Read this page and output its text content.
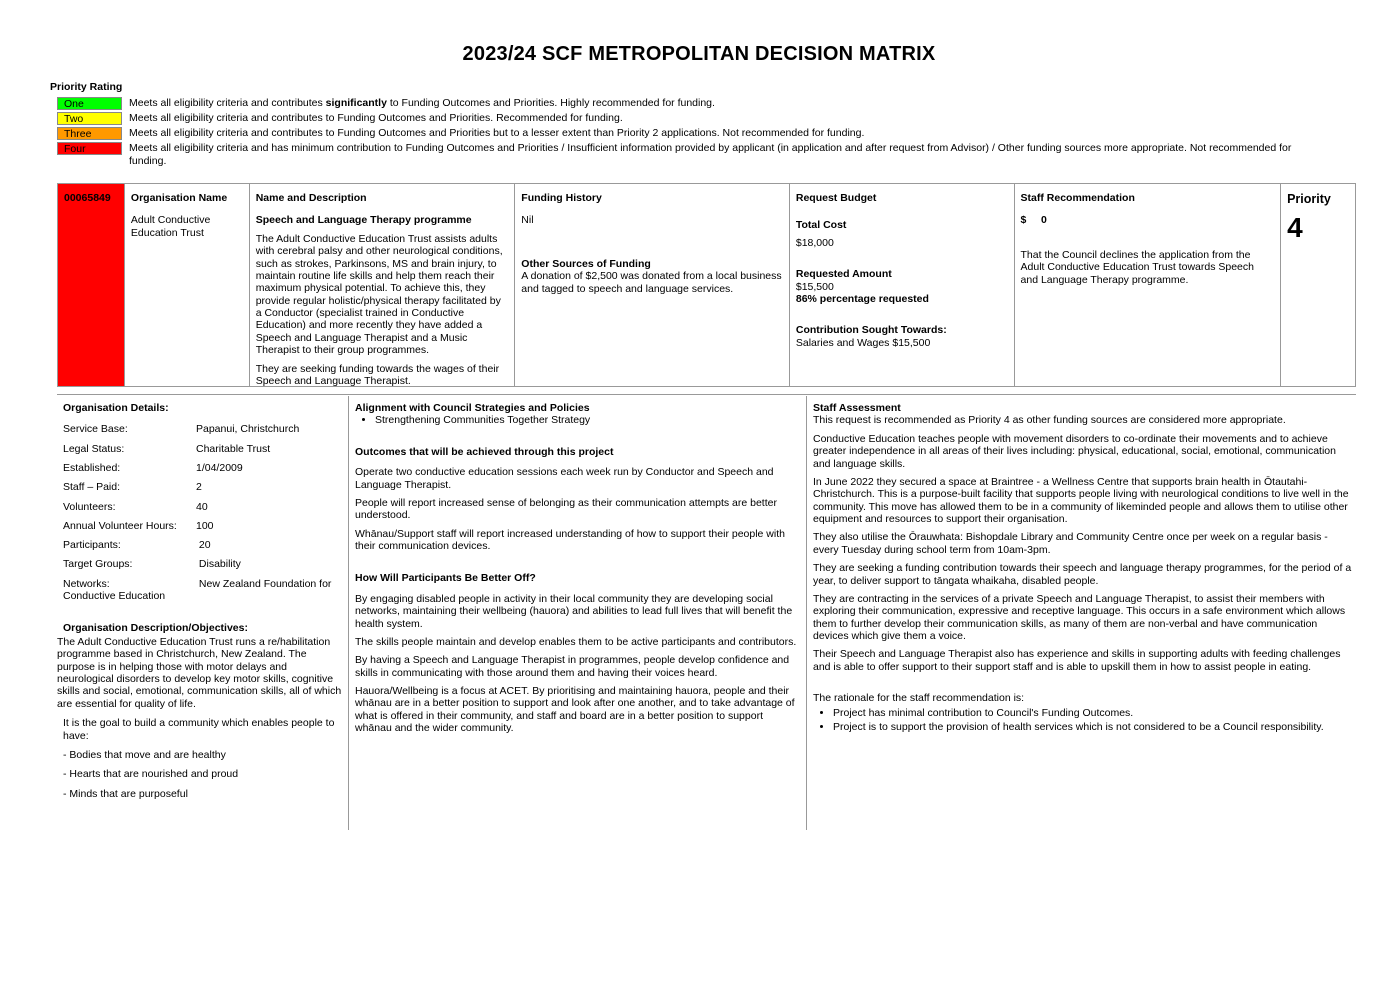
2023/24 SCF METROPOLITAN DECISION MATRIX
Priority Rating
One	Meets all eligibility criteria and contributes significantly to Funding Outcomes and Priorities. Highly recommended for funding.
Two	Meets all eligibility criteria and contributes to Funding Outcomes and Priorities. Recommended for funding.
Three	Meets all eligibility criteria and contributes to Funding Outcomes and Priorities but to a lesser extent than Priority 2 applications. Not recommended for funding.
Four	Meets all eligibility criteria and has minimum contribution to Funding Outcomes and Priorities / Insufficient information provided by applicant (in application and after request from Advisor) / Other funding sources more appropriate. Not recommended for funding.
00065849	Organisation Name
Adult Conductive Education Trust
Name and Description
Speech and Language Therapy programme
The Adult Conductive Education Trust assists adults with cerebral palsy and other neurological conditions, such as strokes, Parkinsons, MS and brain injury, to maintain routine life skills and help them reach their maximum physical potential. To achieve this, they provide regular holistic/physical therapy facilitated by a Conductor (specialist trained in Conductive Education) and more recently they have added a Speech and Language Therapist and a Music Therapist to their group programmes.
They are seeking funding towards the wages of their Speech and Language Therapist.
Funding History
Nil
Other Sources of Funding
A donation of $2,500 was donated from a local business and tagged to speech and language services.
Request Budget
Total Cost
$18,000
Requested Amount
$15,500
86% percentage requested
Contribution Sought Towards:
Salaries and Wages $15,500
Staff Recommendation
$     0
That the Council declines the application from the Adult Conductive Education Trust towards Speech and Language Therapy programme.
Priority
4
Organisation Details:
Service Base:	Papanui, Christchurch
Legal Status:	Charitable Trust
Established:	1/04/2009
Staff – Paid:	2
Volunteers:	40
Annual Volunteer Hours:	100
Participants:	20
Target Groups:	Disability
Networks:	New Zealand Foundation for
Conductive Education
Organisation Description/Objectives:
The Adult Conductive Education Trust runs a re/habilitation programme based in Christchurch, New Zealand. The purpose is in helping those with motor delays and neurological disorders to develop key motor skills, cognitive skills and social, emotional, communication skills, all of which are essential for quality of life.
It is the goal to build a community which enables people to have:
- Bodies that move and are healthy
- Hearts that are nourished and proud
- Minds that are purposeful
Alignment with Council Strategies and Policies
• Strengthening Communities Together Strategy
Outcomes that will be achieved through this project
Operate two conductive education sessions each week run by Conductor and Speech and Language Therapist.
People will report increased sense of belonging as their communication attempts are better understood.
Whānau/Support staff will report increased understanding of how to support their people with their communication devices.
How Will Participants Be Better Off?
By engaging disabled people in activity in their local community they are developing social networks, maintaining their wellbeing (hauora) and abilities to lead full lives that will benefit the health system.
The skills people maintain and develop enables them to be active participants and contributors.
By having a Speech and Language Therapist in programmes, people develop confidence and skills in communicating with those around them and having their voices heard.
Hauora/Wellbeing is a focus at ACET. By prioritising and maintaining hauora, people and their whānau are in a better position to support and look after one another, and to take advantage of what is offered in their community, and staff and board are in a better position to support whānau and the wider community.
Staff Assessment
This request is recommended as Priority 4 as other funding sources are considered more appropriate.
Conductive Education teaches people with movement disorders to co-ordinate their movements and to achieve greater independence in all areas of their lives including: physical, educational, social, emotional, communication and language skills.
In June 2022 they secured a space at Braintree - a Wellness Centre that supports brain health in Ōtautahi-Christchurch. This is a purpose-built facility that supports people living with neurological conditions to live well in the community. This move has allowed them to be in a community of likeminded people and allows them to utilise other equipment and resources to support their organisation.
They also utilise the Ōrauwhata: Bishopdale Library and Community Centre once per week on a regular basis - every Tuesday during school term from 10am-3pm.
They are seeking a funding contribution towards their speech and language therapy programmes, for the period of a year, to deliver support to tāngata whaikaha, disabled people.
They are contracting in the services of a private Speech and Language Therapist, to assist their members with exploring their communication, expressive and receptive language. This occurs in a safe environment which allows them to further develop their communication skills, as many of them are non-verbal and have communication devices which give them a voice.
Their Speech and Language Therapist also has experience and skills in supporting adults with feeding challenges and is able to offer support to their support staff and is able to upskill them in how to assist people in eating.
The rationale for the staff recommendation is:
• Project has minimal contribution to Council's Funding Outcomes.
• Project is to support the provision of health services which is not considered to be a Council responsibility.
